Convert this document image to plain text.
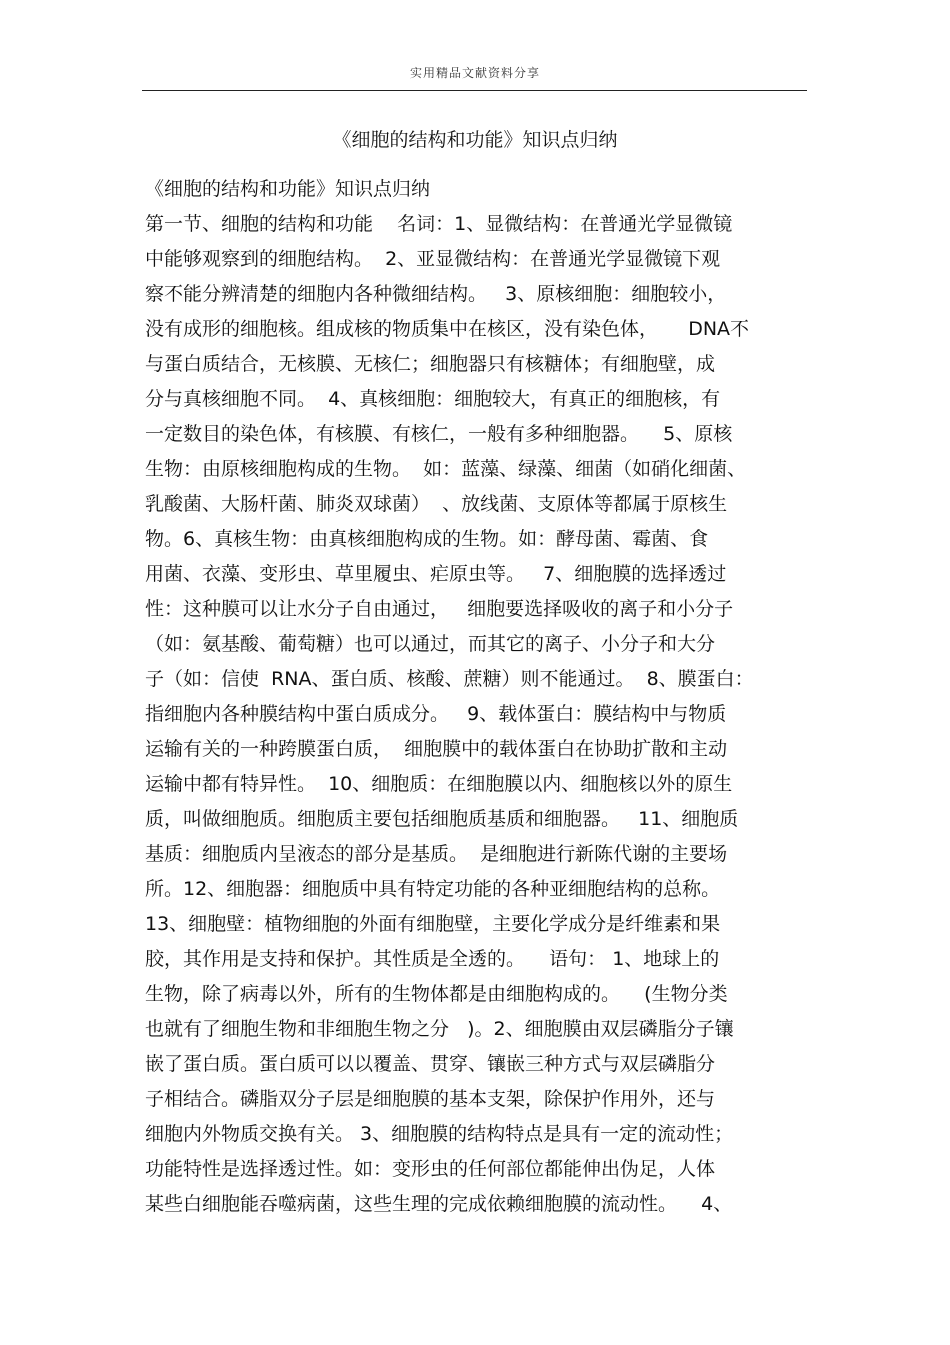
实用精品文献资料分享
《细胞的结构和功能》知识点归纳
《细胞的结构和功能》知识点归纳
第一节、细胞的结构和功能    名词：1、显微结构：在普通光学显微镜
中能够观察到的细胞结构。  2、亚显微结构：在普通光学显微镜下观
察不能分辨清楚的细胞内各种微细结构。   3、原核细胞：细胞较小，
没有成形的细胞核。组成核的物质集中在核区，没有染色体，     DNA不
与蛋白质结合，无核膜、无核仁；细胞器只有核糖体；有细胞壁，成
分与真核细胞不同。  4、真核细胞：细胞较大，有真正的细胞核，有
一定数目的染色体，有核膜、有核仁，一般有多种细胞器。    5、原核
生物：由原核细胞构成的生物。  如：蓝藻、绿藻、细菌（如硝化细菌、
乳酸菌、大肠杆菌、肺炎双球菌）  、放线菌、支原体等都属于原核生
物。6、真核生物：由真核细胞构成的生物。如：酵母菌、霉菌、食
用菌、衣藻、变形虫、草里履虫、疟原虫等。   7、细胞膜的选择透过
性：这种膜可以让水分子自由通过，   细胞要选择吸收的离子和小分子
（如：氨基酸、葡萄糖）也可以通过，而其它的离子、小分子和大分
子（如：信使  RNA、蛋白质、核酸、蔗糖）则不能通过。  8、膜蛋白：
指细胞内各种膜结构中蛋白质成分。   9、载体蛋白：膜结构中与物质
运输有关的一种跨膜蛋白质，  细胞膜中的载体蛋白在协助扩散和主动
运输中都有特异性。  10、细胞质：在细胞膜以内、细胞核以外的原生
质，叫做细胞质。细胞质主要包括细胞质基质和细胞器。   11、细胞质
基质：细胞质内呈液态的部分是基质。  是细胞进行新陈代谢的主要场
所。12、细胞器：细胞质中具有特定功能的各种亚细胞结构的总称。
13、细胞壁：植物细胞的外面有细胞壁，主要化学成分是纤维素和果
胶，其作用是支持和保护。其性质是全透的。    语句： 1、地球上的
生物，除了病毒以外，所有的生物体都是由细胞构成的。    (生物分类
也就有了细胞生物和非细胞生物之分   )。2、细胞膜由双层磷脂分子镶
嵌了蛋白质。蛋白质可以以覆盖、贯穿、镶嵌三种方式与双层磷脂分
子相结合。磷脂双分子层是细胞膜的基本支架，除保护作用外，还与
细胞内外物质交换有关。 3、细胞膜的结构特点是具有一定的流动性；
功能特性是选择透过性。如：变形虫的任何部位都能伸出伪足，人体
某些白细胞能吞噬病菌，这些生理的完成依赖细胞膜的流动性。    4、
